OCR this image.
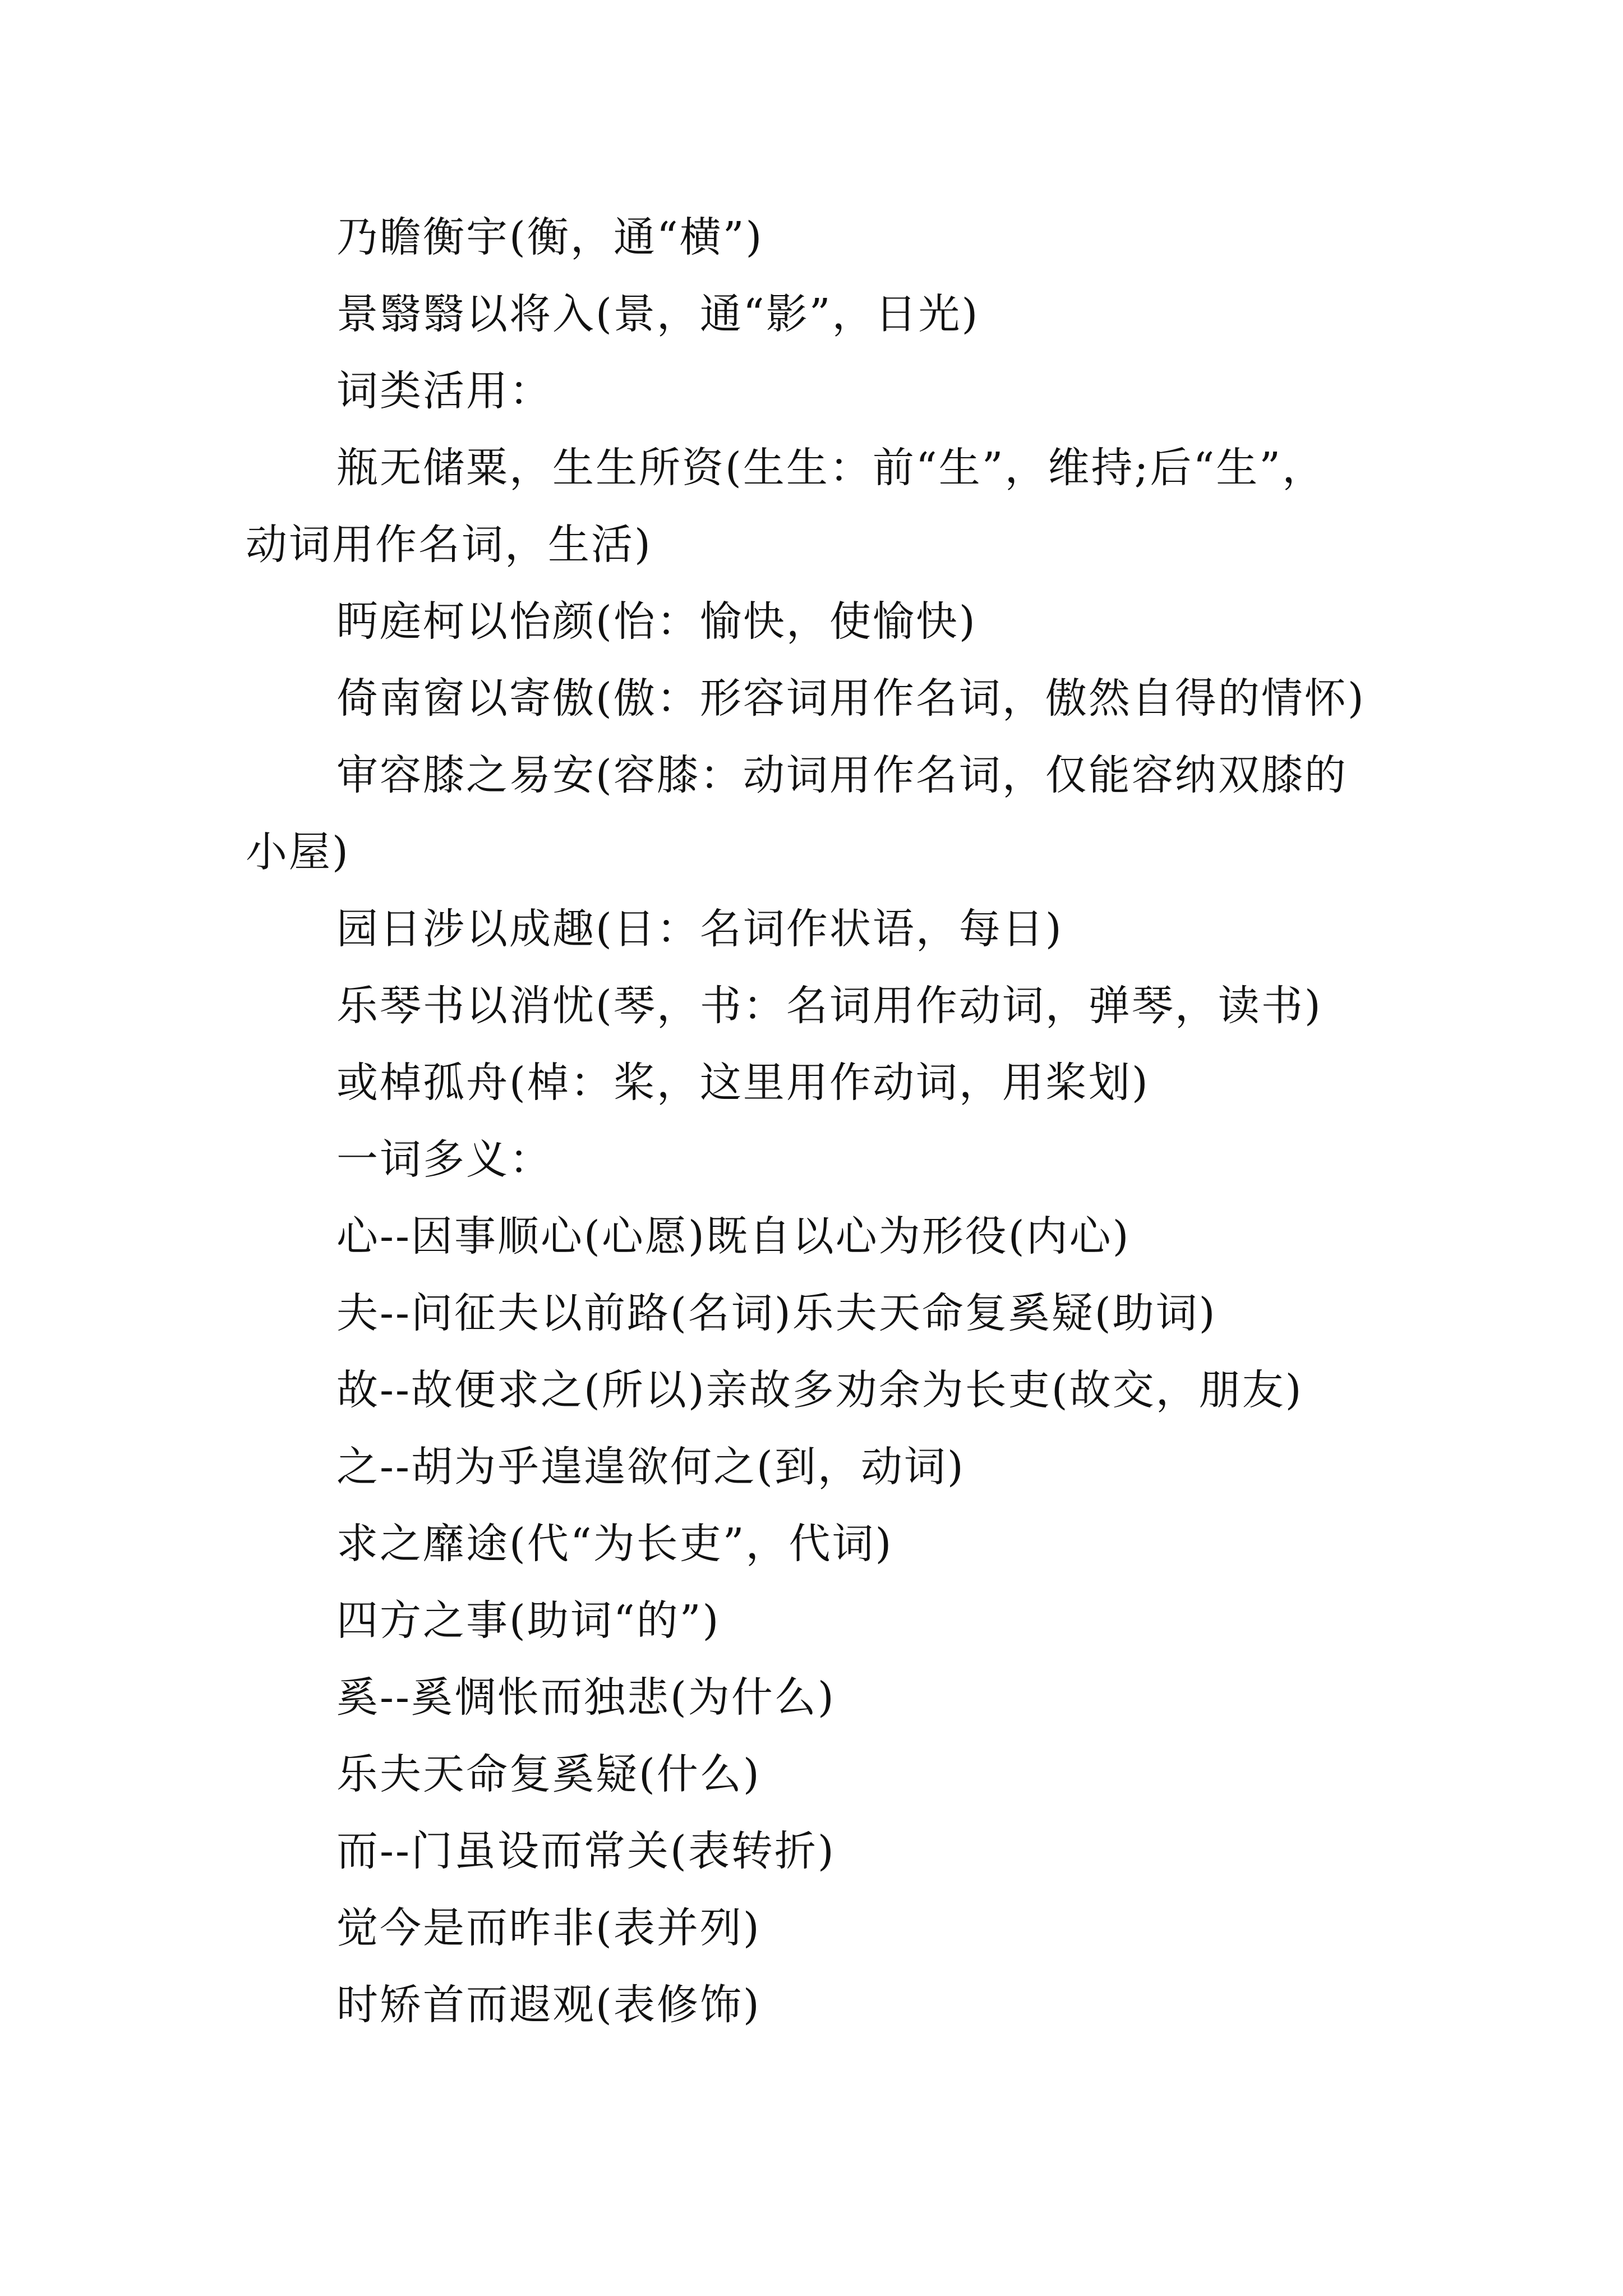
乃瞻衡宇(衡，通“横”)
景翳翳以将入(景，通“影”，日光)
词类活用：
瓶无储粟，生生所资(生生：前“生”，维持;后“生”，
动词用作名词，生活)
眄庭柯以怡颜(怡：愉快，使愉快)
倚南窗以寄傲(傲：形容词用作名词，傲然自得的情怀)
审容膝之易安(容膝：动词用作名词，仅能容纳双膝的
小屋)
园日涉以成趣(日：名词作状语，每日)
乐琴书以消忧(琴，书：名词用作动词，弹琴，读书)
或棹孤舟(棹：桨，这里用作动词，用桨划)
一词多义：
心--因事顺心(心愿)既自以心为形役(内心)
夫--问征夫以前路(名词)乐夫天命复奚疑(助词)
故--故便求之(所以)亲故多劝余为长吏(故交，朋友)
之--胡为乎遑遑欲何之(到，动词)
求之靡途(代“为长吏”，代词)
四方之事(助词“的”)
奚--奚惆怅而独悲(为什么)
乐夫天命复奚疑(什么)
而--门虽设而常关(表转折)
觉今是而昨非(表并列)
时矫首而遐观(表修饰)
